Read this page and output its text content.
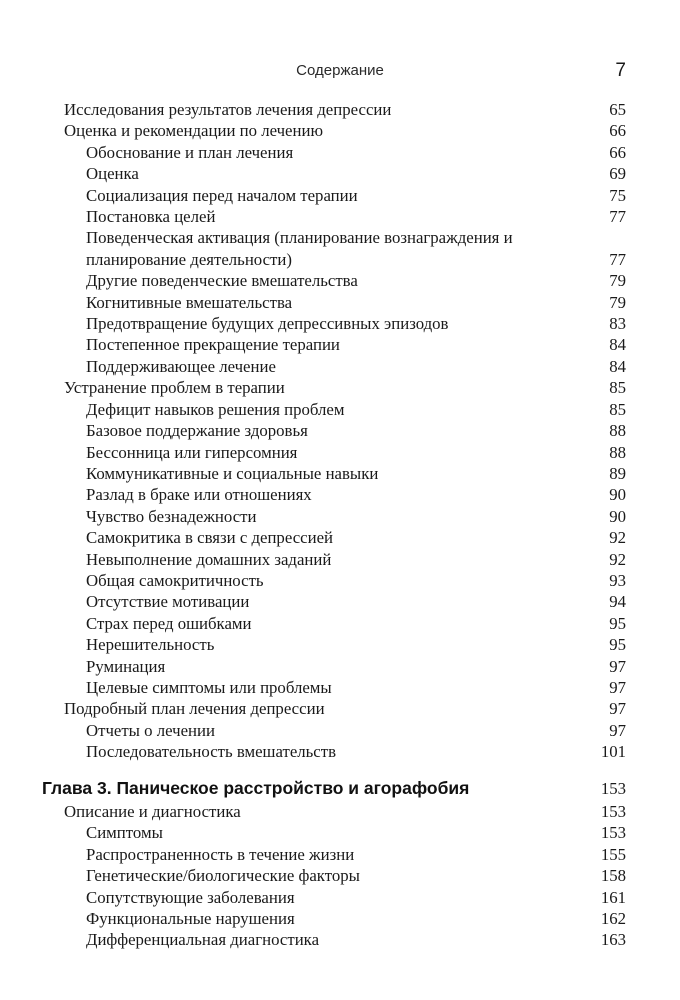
Содержание	7
Исследования результатов лечения депрессии	65
Оценка и рекомендации по лечению	66
Обоснование и план лечения	66
Оценка	69
Социализация перед началом терапии	75
Постановка целей	77
Поведенческая активация (планирование вознаграждения и планирование деятельности)	77
Другие поведенческие вмешательства	79
Когнитивные вмешательства	79
Предотвращение будущих депрессивных эпизодов	83
Постепенное прекращение терапии	84
Поддерживающее лечение	84
Устранение проблем в терапии	85
Дефицит навыков решения проблем	85
Базовое поддержание здоровья	88
Бессонница или гиперсомния	88
Коммуникативные и социальные навыки	89
Разлад в браке или отношениях	90
Чувство безнадежности	90
Самокритика в связи с депрессией	92
Невыполнение домашних заданий	92
Общая самокритичность	93
Отсутствие мотивации	94
Страх перед ошибками	95
Нерешительность	95
Руминация	97
Целевые симптомы или проблемы	97
Подробный план лечения депрессии	97
Отчеты о лечении	97
Последовательность вмешательств	101
Глава 3. Паническое расстройство и агорафобия	153
Описание и диагностика	153
Симптомы	153
Распространенность в течение жизни	155
Генетические/биологические факторы	158
Сопутствующие заболевания	161
Функциональные нарушения	162
Дифференциальная диагностика	163
